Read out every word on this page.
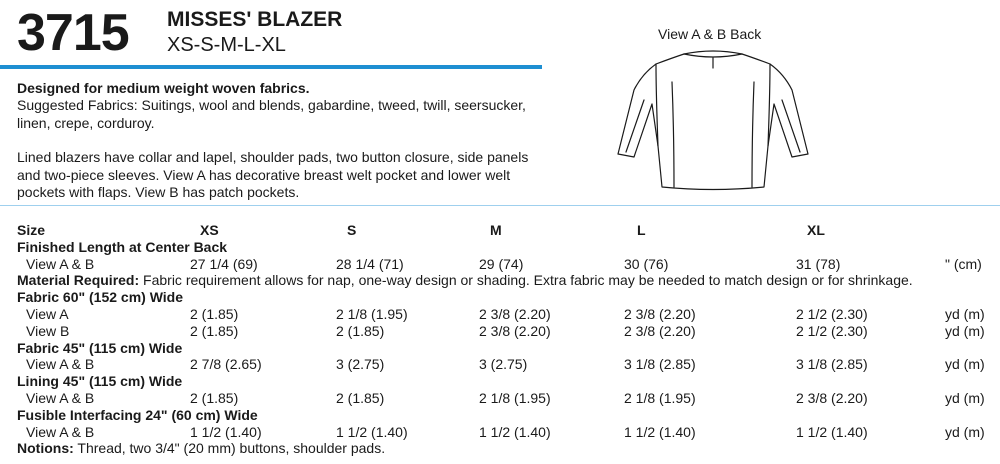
3715 MISSES' BLAZER
XS-S-M-L-XL

Designed for medium weight woven fabrics.

Suggested Fabrics: Suitings, wool and blends, gabardine, tweed, twill, seersucker, linen, crepe, corduroy.

Lined blazers have collar and lapel, shoulder pads, two button closure, side panels and two-piece sleeves. View A has decorative breast welt pocket and lower welt pockets with flaps. View B has patch pockets.

View A & B Back
Size	XS	S	M	L	XL
Finished Length at Center Back
View A & B	27 1/4 (69)	28 1/4 (71)	29 (74)	30 (76)	31 (78)	" (cm)
Material Required: Fabric requirement allows for nap, one-way design or shading. Extra fabric may be needed to match design or for shrinkage.
Fabric 60" (152 cm) Wide
View A	2 (1.85)	2 1/8 (1.95)	2 3/8 (2.20)	2 3/8 (2.20)	2 1/2 (2.30)	yd (m)
View B	2 (1.85)	2 (1.85)	2 3/8 (2.20)	2 3/8 (2.20)	2 1/2 (2.30)	yd (m)
Fabric 45" (115 cm) Wide
View A & B	2 7/8 (2.65)	3 (2.75)	3 (2.75)	3 1/8 (2.85)	3 1/8 (2.85)	yd (m)
Lining 45" (115 cm) Wide
View A & B	2 (1.85)	2 (1.85)	2 1/8 (1.95)	2 1/8 (1.95)	2 3/8 (2.20)	yd (m)
Fusible Interfacing 24" (60 cm) Wide
View A & B	1 1/2 (1.40)	1 1/2 (1.40)	1 1/2 (1.40)	1 1/2 (1.40)	1 1/2 (1.40)	yd (m)
Notions: Thread, two 3/4" (20 mm) buttons, shoulder pads.
